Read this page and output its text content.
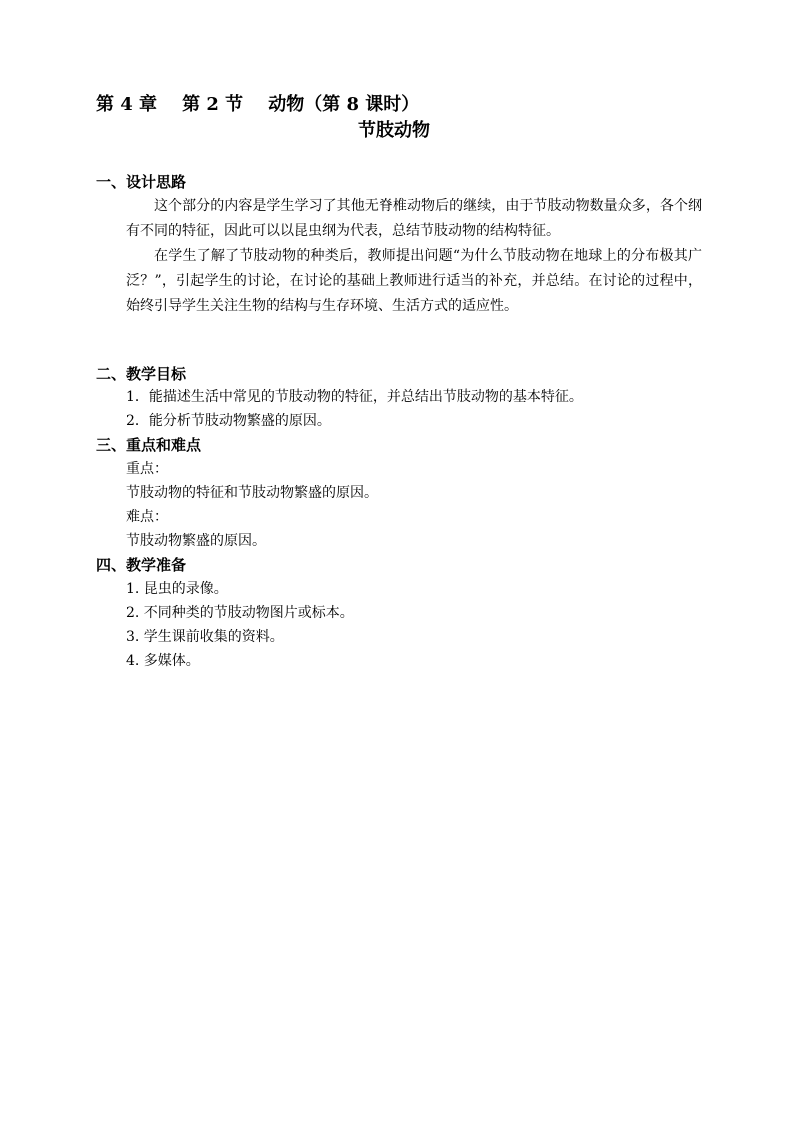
第 4 章    第 2 节    动物（第 8 课时）
节肢动物
一、设计思路
这个部分的内容是学生学习了其他无脊椎动物后的继续，由于节肢动物数量众多，各个纲有不同的特征，因此可以以昆虫纲为代表，总结节肢动物的结构特征。
在学生了解了节肢动物的种类后，教师提出问题“为什么节肢动物在地球上的分布极其广泛？”，引起学生的讨论，在讨论的基础上教师进行适当的补充，并总结。在讨论的过程中，始终引导学生关注生物的结构与生存环境、生活方式的适应性。
二、教学目标
1．能描述生活中常见的节肢动物的特征，并总结出节肢动物的基本特征。
2．能分析节肢动物繁盛的原因。
三、重点和难点
重点：
节肢动物的特征和节肢动物繁盛的原因。
难点：
节肢动物繁盛的原因。
四、教学准备
1. 昆虫的录像。
2. 不同种类的节肢动物图片或标本。
3. 学生课前收集的资料。
4. 多媒体。
